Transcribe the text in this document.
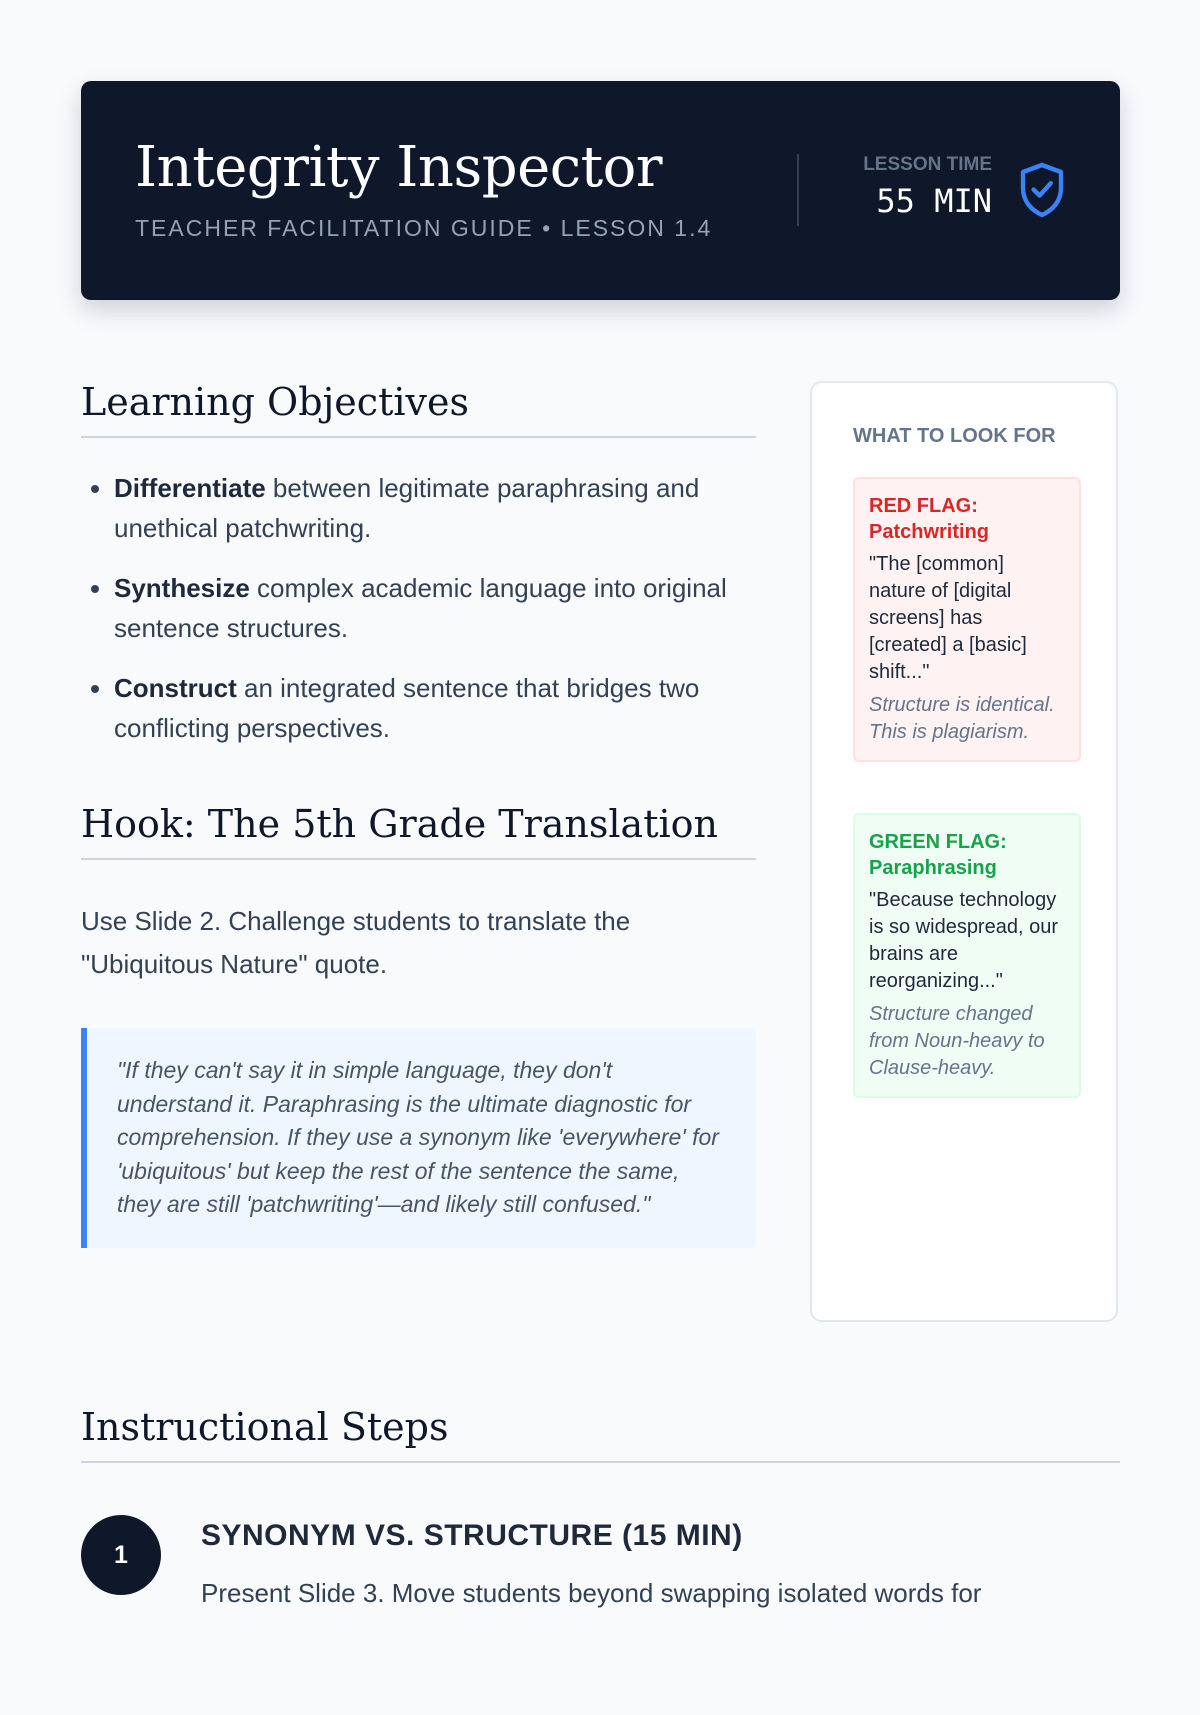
Integrity Inspector
TEACHER FACILITATION GUIDE • LESSON 1.4
LESSON TIME
55 MIN
Learning Objectives
• Differentiate between legitimate paraphrasing and unethical patchwriting.
• Synthesize complex academic language into original sentence structures.
• Construct an integrated sentence that bridges two conflicting perspectives.
Hook: The 5th Grade Translation

Use Slide 2. Challenge students to translate the "Ubiquitous Nature" quote.

"If they can't say it in simple language, they don't understand it. Paraphrasing is the ultimate diagnostic for comprehension. If they use a synonym like 'everywhere' for 'ubiquitous' but keep the rest of the sentence the same, they are still 'patchwriting'—and likely still confused."
WHAT TO LOOK FOR
RED FLAG: Patchwriting
"The [common] nature of [digital screens] has [created] a [basic] shift..."
Structure is identical. This is plagiarism.
GREEN FLAG: Paraphrasing
"Because technology is so widespread, our brains are reorganizing..."
Structure changed from Noun-heavy to Clause-heavy.
Instructional Steps
1
SYNONYM VS. STRUCTURE (15 MIN)
Present Slide 3. Move students beyond swapping isolated words for
